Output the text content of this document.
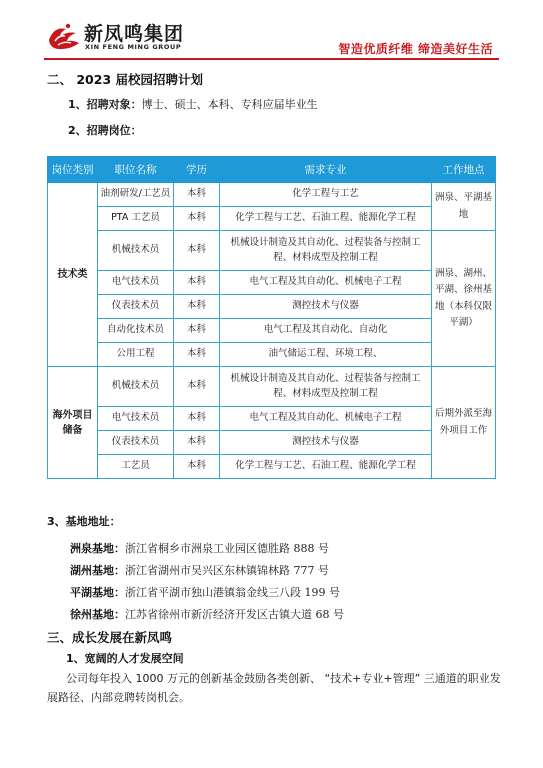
新凤鸣集团
XIN FENG MING GROUP	智造优质纤维 缔造美好生活
二、 2023 届校园招聘计划
1、招聘对象：博士、硕士、本科、专科应届毕业生
2、招聘岗位：
岗位类别	职位名称	学历	需求专业	工作地点
技术类	油剂研发/工艺员	本科	化学工程与工艺	洲泉、平湖基地
	PTA 工艺员	本科	化学工程与工艺、石油工程、能源化学工程	
	机械技术员	本科	机械设计制造及其自动化、过程装备与控制工程、材料成型及控制工程	洲泉、湖州、平湖、徐州基地（本科仅限平湖）
	电气技术员	本科	电气工程及其自动化、机械电子工程	
	仪表技术员	本科	测控技术与仪器	
	自动化技术员	本科	电气工程及其自动化、自动化	
	公用工程	本科	油气储运工程、环境工程、	
海外项目储备	机械技术员	本科	机械设计制造及其自动化、过程装备与控制工程、材料成型及控制工程	后期外派至海外项目工作
	电气技术员	本科	电气工程及其自动化、机械电子工程	
	仪表技术员	本科	测控技术与仪器	
	工艺员	本科	化学工程与工艺、石油工程、能源化学工程	
3、基地地址：
洲泉基地：浙江省桐乡市洲泉工业园区德胜路 888 号
湖州基地：浙江省湖州市吴兴区东林镇锦林路 777 号
平湖基地：浙江省平湖市独山港镇翁金线三八段 199 号
徐州基地：江苏省徐州市新沂经济开发区古镇大道 68 号
三、成长发展在新凤鸣
1、宽阔的人才发展空间
公司每年投入 1000 万元的创新基金鼓励各类创新、 “技术+专业+管理” 三通道的职业发
展路径、内部竞聘转岗机会。
